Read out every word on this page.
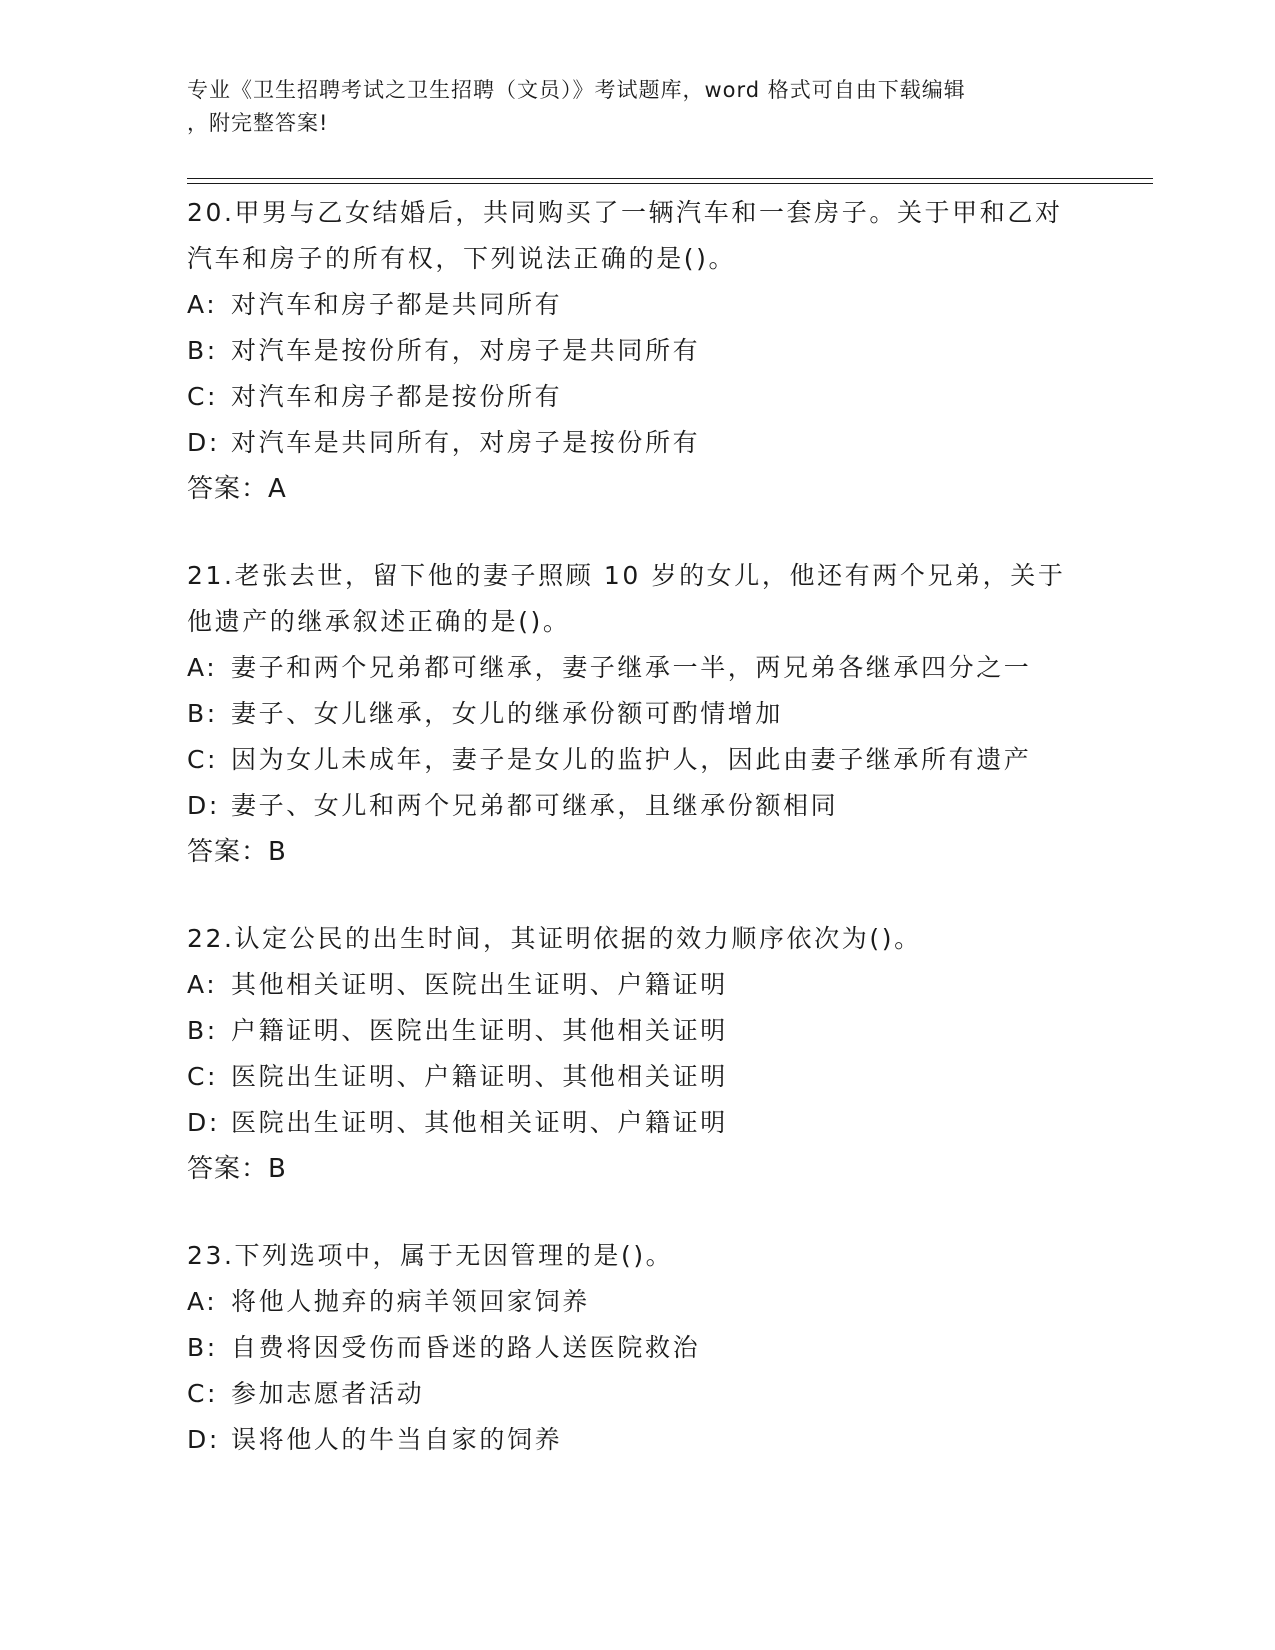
专业《卫生招聘考试之卫生招聘（文员）》考试题库，word 格式可自由下载编辑
，附完整答案!
20.甲男与乙女结婚后，共同购买了一辆汽车和一套房子。关于甲和乙对汽车和房子的所有权，下列说法正确的是()。
A: 对汽车和房子都是共同所有
B: 对汽车是按份所有，对房子是共同所有
C: 对汽车和房子都是按份所有
D: 对汽车是共同所有，对房子是按份所有
答案：A
21.老张去世，留下他的妻子照顾 10 岁的女儿，他还有两个兄弟，关于他遗产的继承叙述正确的是()。
A: 妻子和两个兄弟都可继承，妻子继承一半，两兄弟各继承四分之一
B: 妻子、女儿继承，女儿的继承份额可酌情增加
C: 因为女儿未成年，妻子是女儿的监护人，因此由妻子继承所有遗产
D: 妻子、女儿和两个兄弟都可继承，且继承份额相同
答案：B
22.认定公民的出生时间，其证明依据的效力顺序依次为()。
A: 其他相关证明、医院出生证明、户籍证明
B: 户籍证明、医院出生证明、其他相关证明
C: 医院出生证明、户籍证明、其他相关证明
D: 医院出生证明、其他相关证明、户籍证明
答案：B
23.下列选项中，属于无因管理的是()。
A: 将他人抛弃的病羊领回家饲养
B: 自费将因受伤而昏迷的路人送医院救治
C: 参加志愿者活动
D: 误将他人的牛当自家的饲养
